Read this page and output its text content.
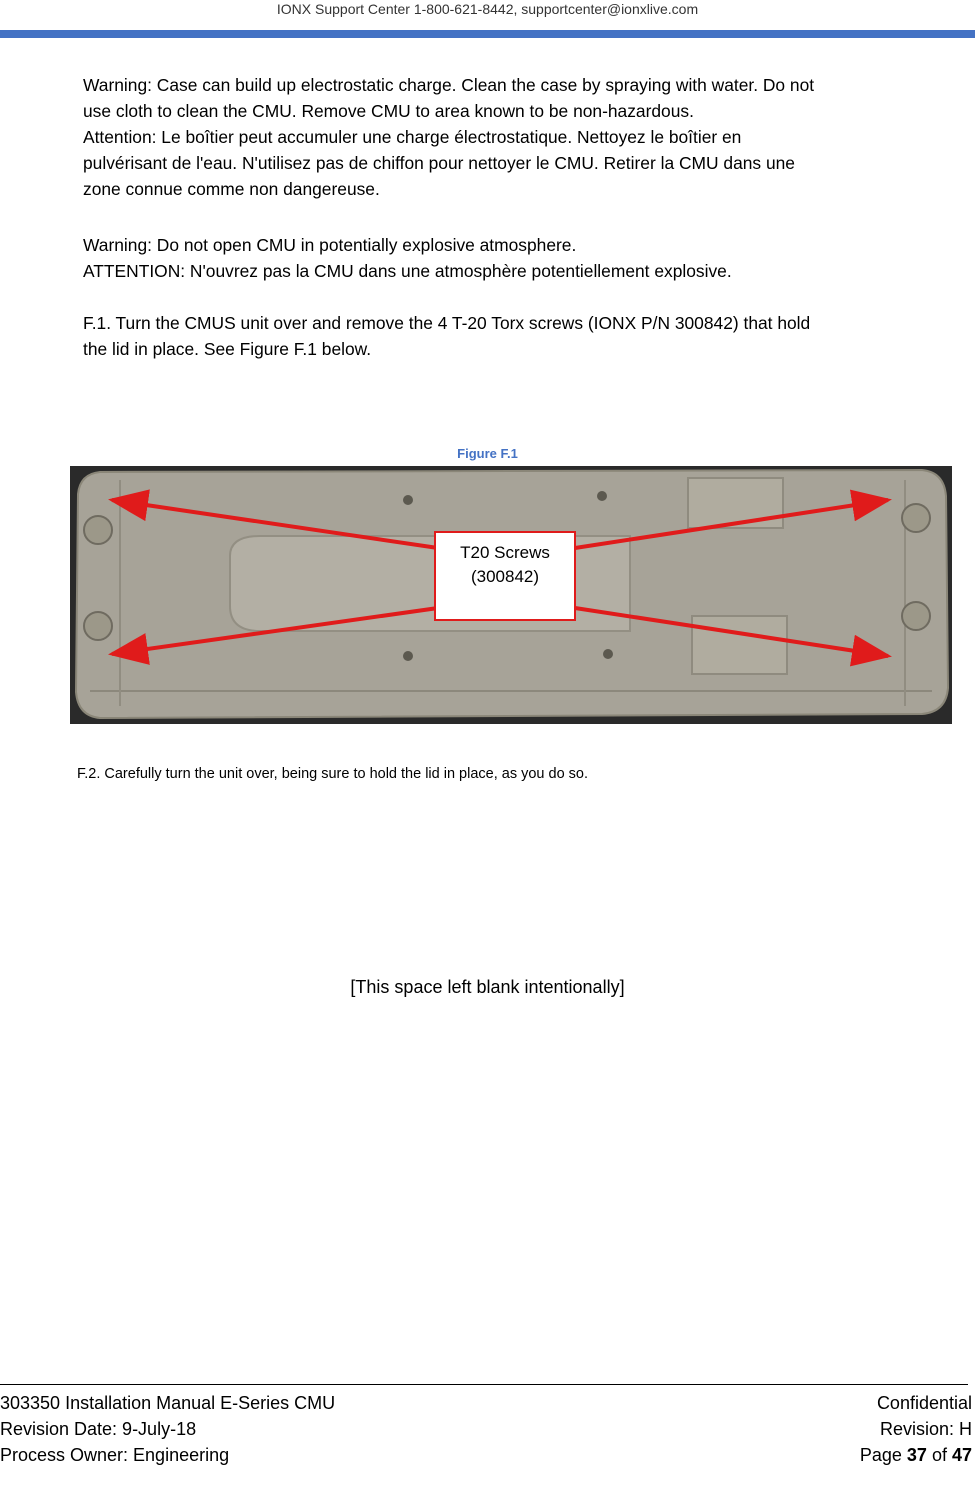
IONX Support Center 1-800-621-8442, supportcenter@ionxlive.com

Warning: Case can build up electrostatic charge. Clean the case by spraying with water. Do not

use cloth to clean the CMU. Remove CMU to area known to be non-hazardous.

Attention: Le boîtier peut accumuler une charge électrostatique. Nettoyez le boîtier en

pulvérisant de l'eau. N'utilisez pas de chiffon pour nettoyer le CMU. Retirer la CMU dans une

zone connue comme non dangereuse.

Warning: Do not open CMU in potentially explosive atmosphere.

ATTENTION: N'ouvrez pas la CMU dans une atmosphère potentiellement explosive.

F.1. Turn the CMUS unit over and remove the 4 T-20 Torx screws (IONX P/N 300842) that hold

the lid in place. See Figure F.1 below.

Figure F.1
T20 Screws
(300842)
F.2. Carefully turn the unit over, being sure to hold the lid in place, as you do so.
[This space left blank intentionally]
303350 Installation Manual E-Series CMU	Confidential
Revision Date: 9-July-18	Revision: H
Process Owner: Engineering	Page 37 of 47
